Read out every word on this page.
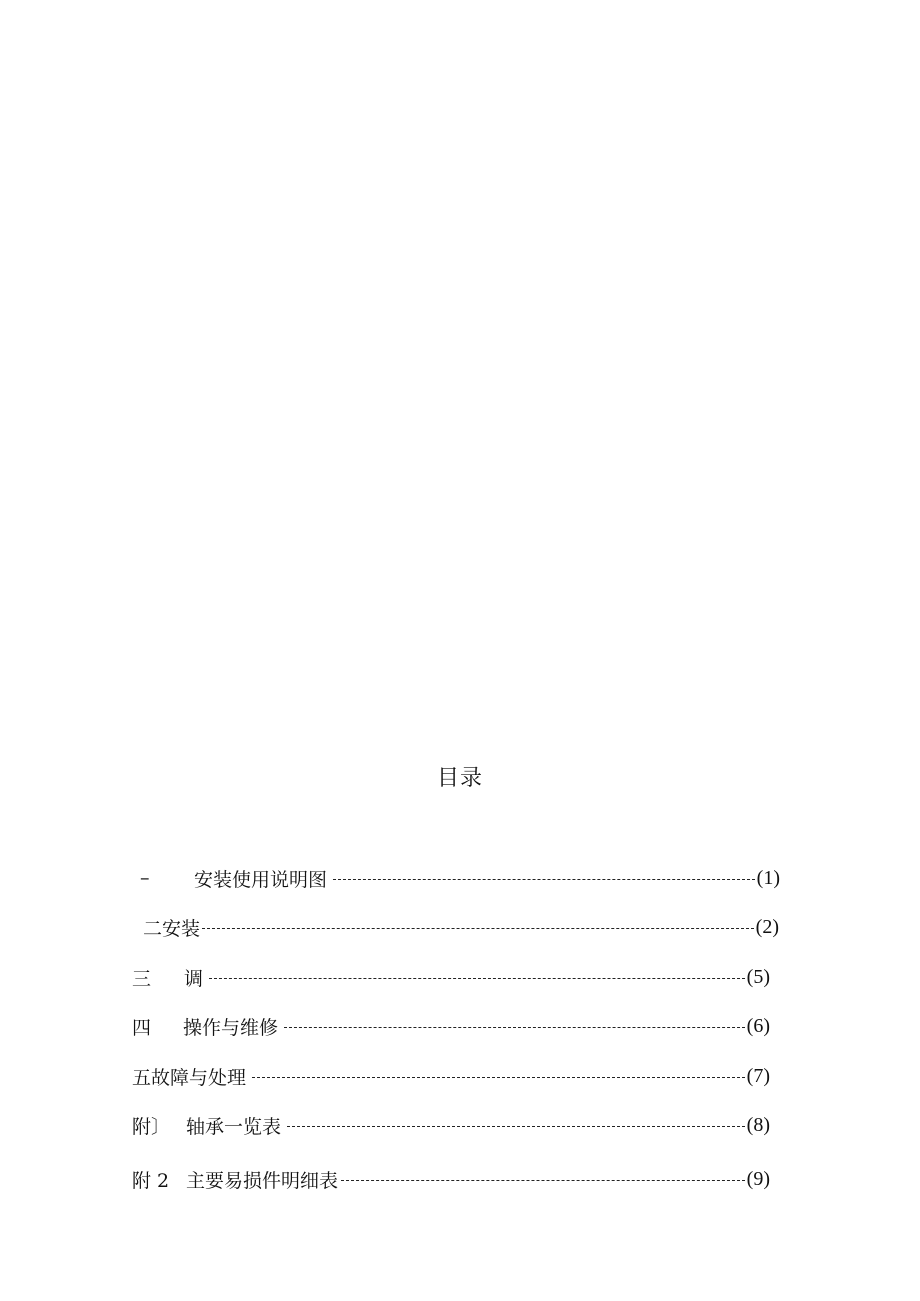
目录
–	安装使用说明图	(1)
二安装	(2)
三	调	(5)
四	操作与维修	(6)
五故障与处理	(7)
附〕 轴承一览表	(8)
附 2 主要易损件明细表	(9)
